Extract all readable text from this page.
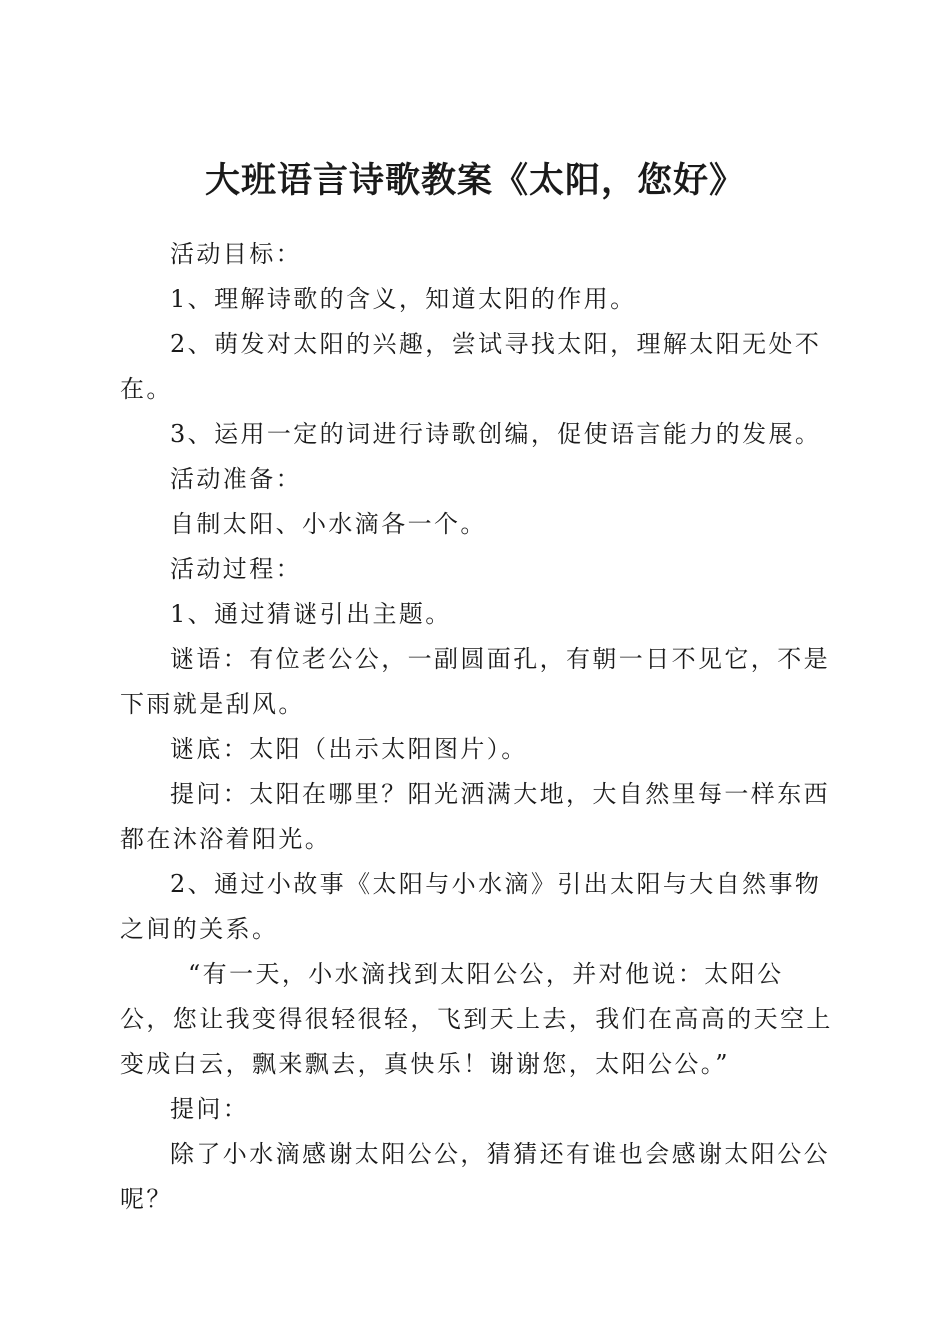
大班语言诗歌教案《太阳，您好》

活动目标：

1、理解诗歌的含义，知道太阳的作用。

2、萌发对太阳的兴趣，尝试寻找太阳，理解太阳无处不在。

3、运用一定的词进行诗歌创编，促使语言能力的发展。

活动准备：

自制太阳、小水滴各一个。

活动过程：

1、通过猜谜引出主题。

谜语：有位老公公，一副圆面孔，有朝一日不见它，不是下雨就是刮风。

谜底：太阳（出示太阳图片）。

提问：太阳在哪里？阳光洒满大地，大自然里每一样东西都在沐浴着阳光。

2、通过小故事《太阳与小水滴》引出太阳与大自然事物之间的关系。

“有一天，小水滴找到太阳公公，并对他说：太阳公公，您让我变得很轻很轻，飞到天上去，我们在高高的天空上变成白云，飘来飘去，真快乐！谢谢您，太阳公公。”

提问：

除了小水滴感谢太阳公公，猜猜还有谁也会感谢太阳公公呢？
